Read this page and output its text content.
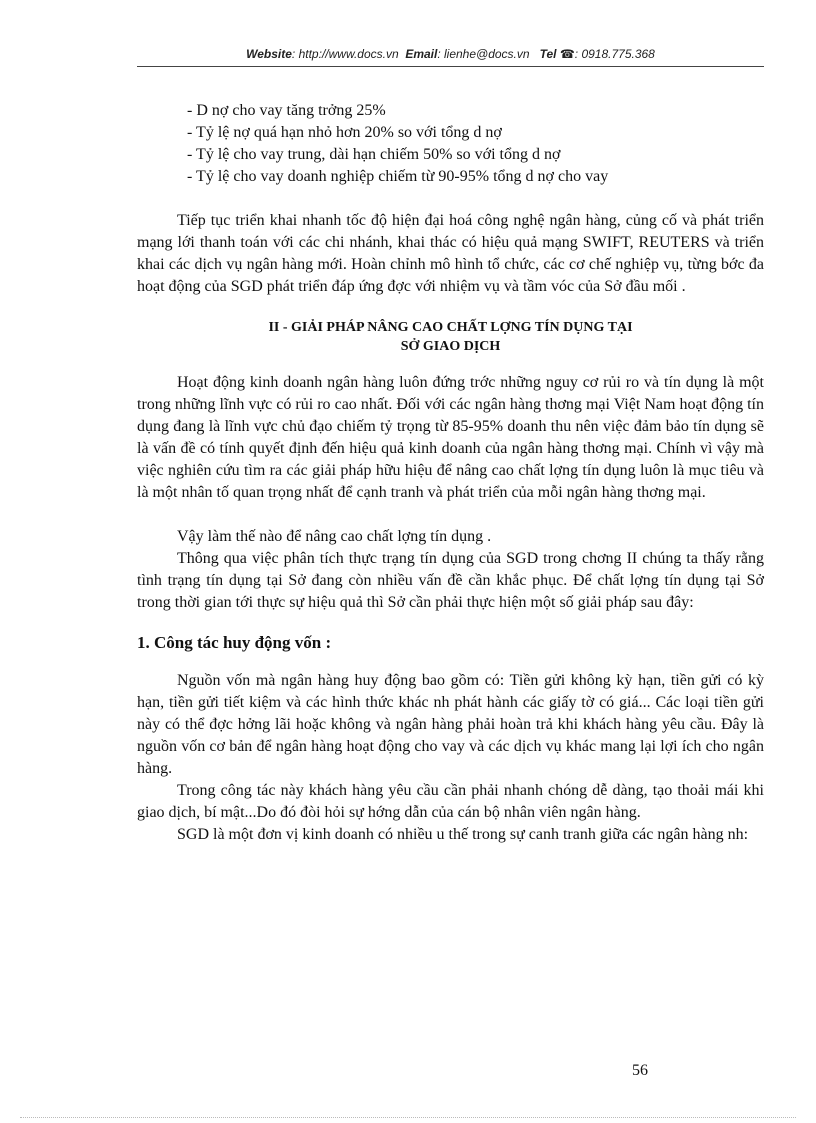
Website: http://www.docs.vn Email: lienhe@docs.vn Tel ☎: 0918.775.368
- D nợ cho vay tăng trởng 25%
- Tỷ lệ nợ quá hạn nhỏ hơn 20% so với tổng d nợ
- Tỷ lệ cho vay trung, dài hạn chiếm 50% so với tổng d nợ
- Tỷ lệ cho vay doanh nghiệp chiếm từ 90-95% tổng d nợ cho vay

Tiếp tục triển khai nhanh tốc độ hiện đại hoá công nghệ ngân hàng, củng cố và phát triển mạng lới thanh toán với các chi nhánh, khai thác có hiệu quả mạng SWIFT, REUTERS và triển khai các dịch vụ ngân hàng mới. Hoàn chỉnh mô hình tổ chức, các cơ chế nghiệp vụ, từng bớc đa hoạt động của SGD phát triển đáp ứng đợc với nhiệm vụ và tầm vóc của Sở đầu mối .

II - GIẢI PHÁP NÂNG CAO CHẤT LỢNG TÍN DỤNG TẠI
SỞ GIAO DỊCH

Hoạt động kinh doanh ngân hàng luôn đứng trớc những nguy cơ rủi ro và tín dụng là một trong những lĩnh vực có rủi ro cao nhất. Đối với các ngân hàng thơng mại Việt Nam hoạt động tín dụng đang là lĩnh vực chủ đạo chiếm tỷ trọng từ 85-95% doanh thu nên việc đảm bảo tín dụng sẽ là vấn đề có tính quyết định đến hiệu quả kinh doanh của ngân hàng thơng mại. Chính vì vậy mà việc nghiên cứu tìm ra các giải pháp hữu hiệu để nâng cao chất lợng tín dụng luôn là mục tiêu và là một nhân tố quan trọng nhất để cạnh tranh và phát triển của mỗi ngân hàng thơng mại.

Vậy làm thế nào để nâng cao chất lợng tín dụng .

Thông qua việc phân tích thực trạng tín dụng của SGD trong chơng II chúng ta thấy rằng tình trạng tín dụng tại Sở đang còn nhiều vấn đề cần khắc phục. Để chất lợng tín dụng tại Sở trong thời gian tới thực sự hiệu quả thì Sở cần phải thực hiện một số giải pháp sau đây:

1. Công tác huy động vốn :

Nguồn vốn mà ngân hàng huy động bao gồm có: Tiền gửi không kỳ hạn, tiền gửi có kỳ hạn, tiền gửi tiết kiệm và các hình thức khác nh phát hành các giấy tờ có giá... Các loại tiền gửi này có thể đợc hởng lãi hoặc không và ngân hàng phải hoàn trả khi khách hàng yêu cầu. Đây là nguồn vốn cơ bản để ngân hàng hoạt động cho vay và các dịch vụ khác mang lại lợi ích cho ngân hàng.

Trong công tác này khách hàng yêu cầu cần phải nhanh chóng dễ dàng, tạo thoải mái khi giao dịch, bí mật...Do đó đòi hỏi sự hớng dẫn của cán bộ nhân viên ngân hàng.

SGD là một đơn vị kinh doanh có nhiều u thế trong sự canh tranh giữa các ngân hàng nh:

56
